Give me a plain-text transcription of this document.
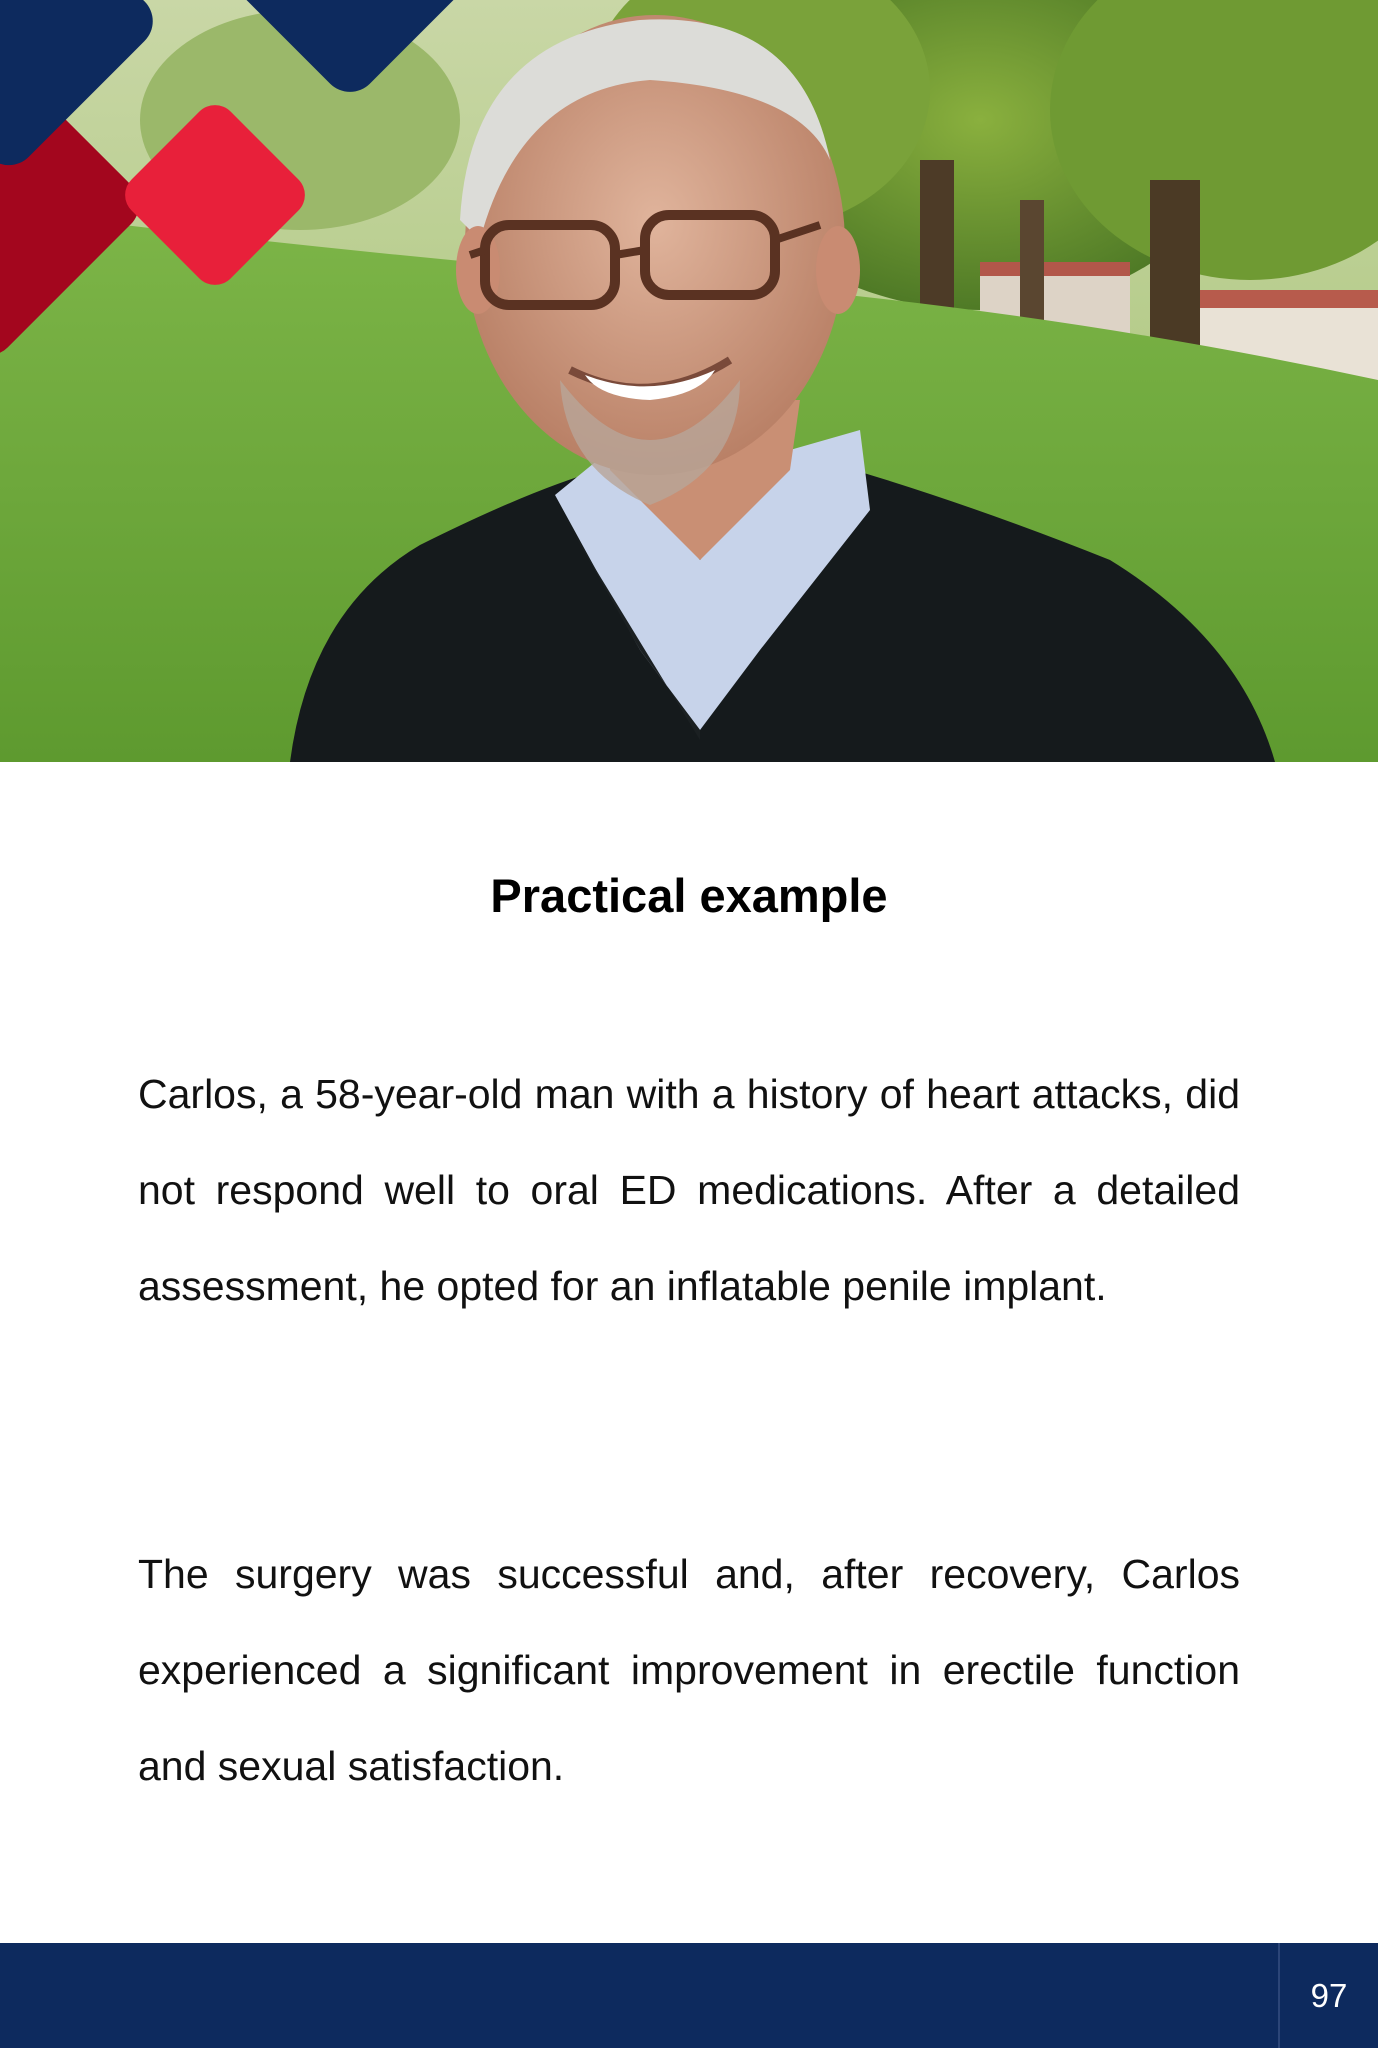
Practical example

Carlos, a 58-year-old man with a history of heart attacks, did not respond well to oral ED medications. After a detailed assessment, he opted for an inflatable penile implant.

The surgery was successful and, after recovery, Carlos experienced a significant improvement in erectile function and sexual satisfaction.

97
